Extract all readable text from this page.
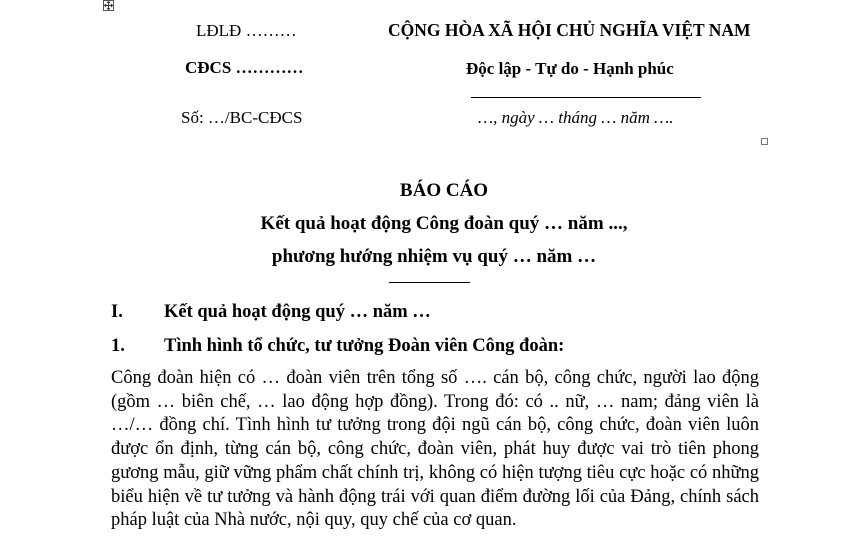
LĐLĐ ………
CĐCS …………
Số: …/BC-CĐCS
CỘNG HÒA XÃ HỘI CHỦ NGHĨA VIỆT NAM
Độc lập - Tự do - Hạnh phúc
…, ngày … tháng … năm ….
BÁO CÁO
Kết quả hoạt động Công đoàn quý … năm ...,
phương hướng nhiệm vụ quý … năm …
I. Kết quả hoạt động quý … năm …
1. Tình hình tổ chức, tư tưởng Đoàn viên Công đoàn:

Công đoàn hiện có … đoàn viên trên tổng số …. cán bộ, công chức, người lao động (gồm … biên chế, … lao động hợp đồng). Trong đó: có .. nữ, … nam; đảng viên là …/… đồng chí. Tình hình tư tưởng trong đội ngũ cán bộ, công chức, đoàn viên luôn được ổn định, từng cán bộ, công chức, đoàn viên, phát huy được vai trò tiên phong gương mẫu, giữ vững phẩm chất chính trị, không có hiện tượng tiêu cực hoặc có những biểu hiện về tư tưởng và hành động trái với quan điểm đường lối của Đảng, chính sách pháp luật của Nhà nước, nội quy, quy chế của cơ quan.
